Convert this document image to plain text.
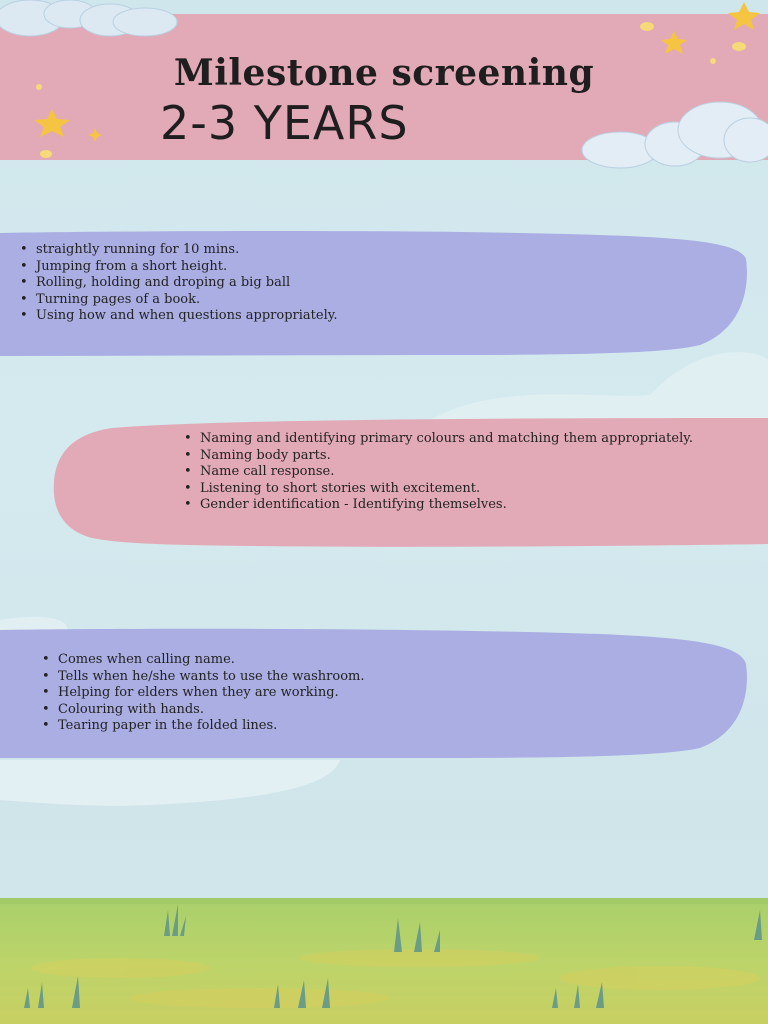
Milestone screening
2-3 YEARS
• straightly running for 10 mins.
• Jumping from a short height.
• Rolling, holding and droping a big ball
• Turning pages of a book.
• Using how and when questions appropriately.
• Naming and identifying primary colours and matching them appropriately.
• Naming body parts.
• Name call response.
• Listening to short stories with excitement.
• Gender identification - Identifying themselves.
• Comes when calling name.
• Tells when he/she wants to use the washroom.
• Helping for elders when they are working.
• Colouring with hands.
• Tearing paper in the folded lines.
